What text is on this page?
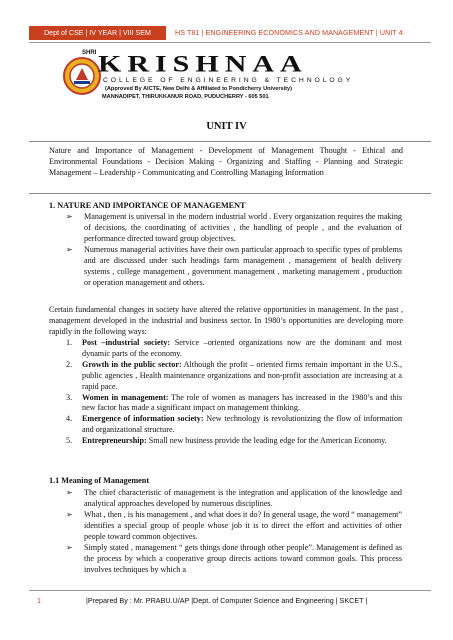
Dept of CSE | IV YEAR | VIII SEM	HS T81 | ENGINEERING ECONOMICS AND MANAGEMENT | UNIT 4
SHRI KRISHNAA
COLLEGE OF ENGINEERING & TECHNOLOGY
(Approved By AICTE, New Delhi & Affiliated to Pondicherry University)
MANNADIPET, THIRUKKANUR ROAD, PUDUCHERRY - 605 501
UNIT IV
Nature and Importance of Management - Development of Management Thought - Ethical and Environmental Foundations - Decision Making - Organizing and Staffing - Planning and Strategic Management – Leadership - Communicating and Controlling Managing Information
1. NATURE AND IMPORTANCE OF MANAGEMENT
➢ Management is universal in the modern industrial world . Every organization requires the making of decisions, the coordinating of activities , the handling of people , and the evaluation of performance directed toward group objectives.
➢ Numerous managerial activities have their own particular approach to specific types of problems and are discussed under such headings farm management , management of health delivery systems , college management , government management , marketing management , production or operation management and others.
Certain fundamental changes in society have altered the relative opportunities in management. In the past , management developed in the industrial and business sector. In 1980’s opportunities are developing more rapidly in the following ways:
1. Post –industrial society: Service –oriented organizations now are the dominant and most dynamic parts of the economy.
2. Growth in the public sector: Although the profit – oriented firms remain important in the U.S., public agencies , Health maintenance organizations and non-profit association are increasing at a rapid pace.
3. Women in management: The role of women as managers has increased in the 1980’s and this new factor has made a significant impact on management thinking.
4. Emergence of information society: New technology is revolutionizing the flow of information and organizational structure.
5. Entrepreneurship: Small new business provide the leading edge for the American Economy.
1.1 Meaning of Management
➢ The chief characteristic of management is the integration and application of the knowledge and analytical approaches developed by numerous disciplines.
➢ What , then , is his management , and what does it do? In general usage, the word “ management” identifies a special group of people whose job it is to direct the effort and activities of other people toward common objectives.
➢ Simply stated , management “ gets things done through other people”. Management is defined as the process by which a cooperative group directs actions toward common goals. This process involves techniques by which a
1	|Prepared By : Mr. PRABU.U/AP |Dept. of Computer Science and Engineering | SKCET |
